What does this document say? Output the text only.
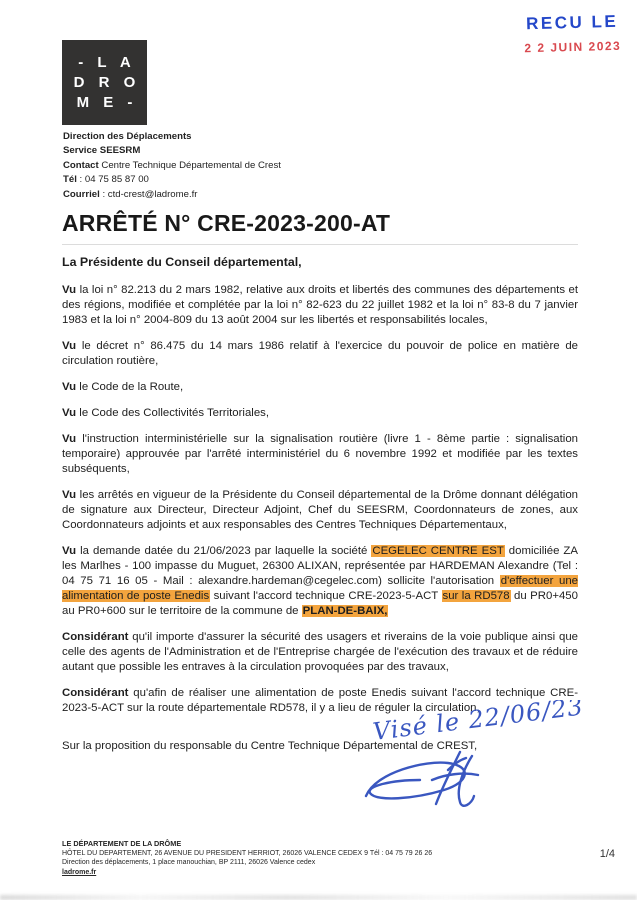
- L A
D R O
M E -
RECU LE
2 2 JUIN 2023
Direction des Déplacements
Service SEESRM
Contact Centre Technique Départemental de Crest
Tél : 04 75 85 87 00
Courriel : ctd-crest@ladrome.fr
ARRÊTÉ N° CRE-2023-200-AT

La Présidente du Conseil départemental,

Vu la loi n° 82.213 du 2 mars 1982, relative aux droits et libertés des communes des départements et des régions, modifiée et complétée par la loi n° 82-623 du 22 juillet 1982 et la loi n° 83-8 du 7 janvier 1983 et la loi n° 2004-809 du 13 août 2004 sur les libertés et responsabilités locales,

Vu le décret n° 86.475 du 14 mars 1986 relatif à l'exercice du pouvoir de police en matière de circulation routière,

Vu le Code de la Route,

Vu le Code des Collectivités Territoriales,

Vu l'instruction interministérielle sur la signalisation routière (livre 1 - 8ème partie : signalisation temporaire) approuvée par l'arrêté interministériel du 6 novembre 1992 et modifiée par les textes subséquents,

Vu les arrêtés en vigueur de la Présidente du Conseil départemental de la Drôme donnant délégation de signature aux Directeur, Directeur Adjoint, Chef du SEESRM, Coordonnateurs de zones, aux Coordonnateurs adjoints et aux responsables des Centres Techniques Départementaux,

Vu la demande datée du 21/06/2023 par laquelle la société CEGELEC CENTRE EST domiciliée ZA les Marlhes - 100 impasse du Muguet, 26300 ALIXAN, représentée par HARDEMAN Alexandre (Tel : 04 75 71 16 05 - Mail : alexandre.hardeman@cegelec.com) sollicite l'autorisation d'effectuer une alimentation de poste Enedis suivant l'accord technique CRE-2023-5-ACT sur la RD578 du PR0+450 au PR0+600 sur le territoire de la commune de PLAN-DE-BAIX,

Considérant qu'il importe d'assurer la sécurité des usagers et riverains de la voie publique ainsi que celle des agents de l'Administration et de l'Entreprise chargée de l'exécution des travaux et de réduire autant que possible les entraves à la circulation provoquées par des travaux,

Considérant qu'afin de réaliser une alimentation de poste Enedis suivant l'accord technique CRE-2023-5-ACT sur la route départementale RD578, il y a lieu de réguler la circulation,

Sur la proposition du responsable du Centre Technique Départemental de CREST,

Visé le 22/06/23
LE DÉPARTEMENT DE LA DRÔME
HÔTEL DU DEPARTEMENT, 26 AVENUE DU PRESIDENT HERRIOT, 26026 VALENCE CEDEX 9 Tél : 04 75 79 26 26
Direction des déplacements, 1 place manouchian, BP 2111, 26026 Valence cedex
ladrome.fr
1/4
